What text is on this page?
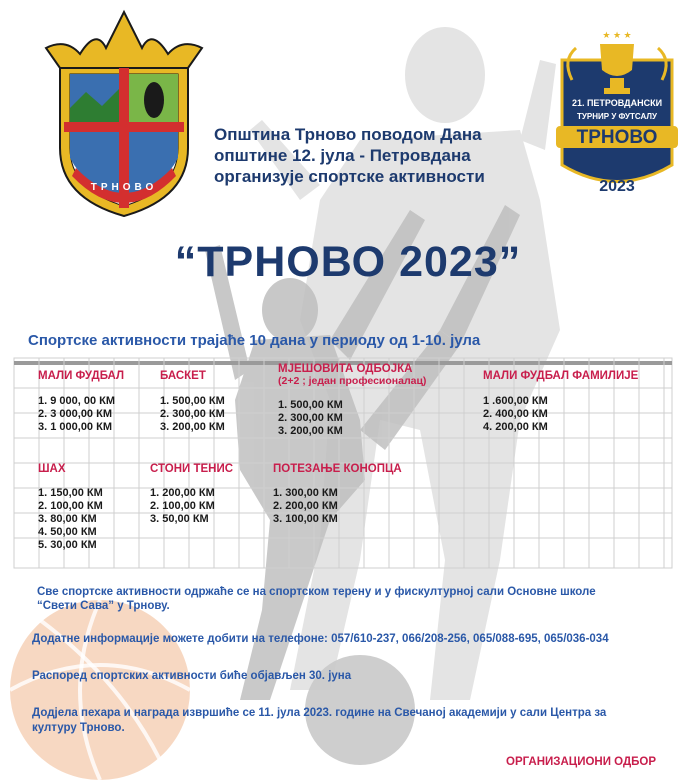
ТРНОВО
★ ★ ★
21. ПЕТРОВДАНСКИ
ТУРНИР У ФУТСАЛУ
ТРНОВО
2023
Општина Трново поводом Дана
општине 12. јула - Петровдана
организује спортске активности
“ТРНОВО 2023”
Спортске активности трајаће 10 дана у периоду од 1-10. јула
МАЛИ ФУДБАЛ
1. 9 000, 00 КМ
2. 3 000,00 КМ
3. 1 000,00 КМ
БАСКЕТ
1. 500,00 КМ
2. 300,00 КМ
3. 200,00 КМ
МЈЕШОВИТА ОДБОЈКА
(2+2 ; један професионалац)
1. 500,00 КМ
2. 300,00 КМ
3. 200,00 КМ
МАЛИ ФУДБАЛ ФАМИЛИЈЕ
1 .600,00 КМ
2. 400,00 КМ
4. 200,00 КМ
ШАХ
1. 150,00 КМ
2. 100,00 КМ
3. 80,00 КМ
4. 50,00 КМ
5. 30,00 КМ
СТОНИ ТЕНИС
1. 200,00 КМ
2. 100,00 КМ
3. 50,00 КМ
ПОТЕЗАЊЕ КОНОПЦА
1. 300,00 КМ
2. 200,00 КМ
3. 100,00 КМ
Све спортске активности одржаће се на спортском терену и у фискултурној сали Основне школе
“Свети Сава” у Трнову.
Додатне информације можете добити на телефоне: 057/610-237, 066/208-256, 065/088-695, 065/036-034
Распоред спортских активности биће објављен 30. јуна
Додјела пехара и награда извршиће се 11. јула 2023. године на Свечаној академији у сали Центра за
културу Трново.
ОРГАНИЗАЦИОНИ ОДБОР
